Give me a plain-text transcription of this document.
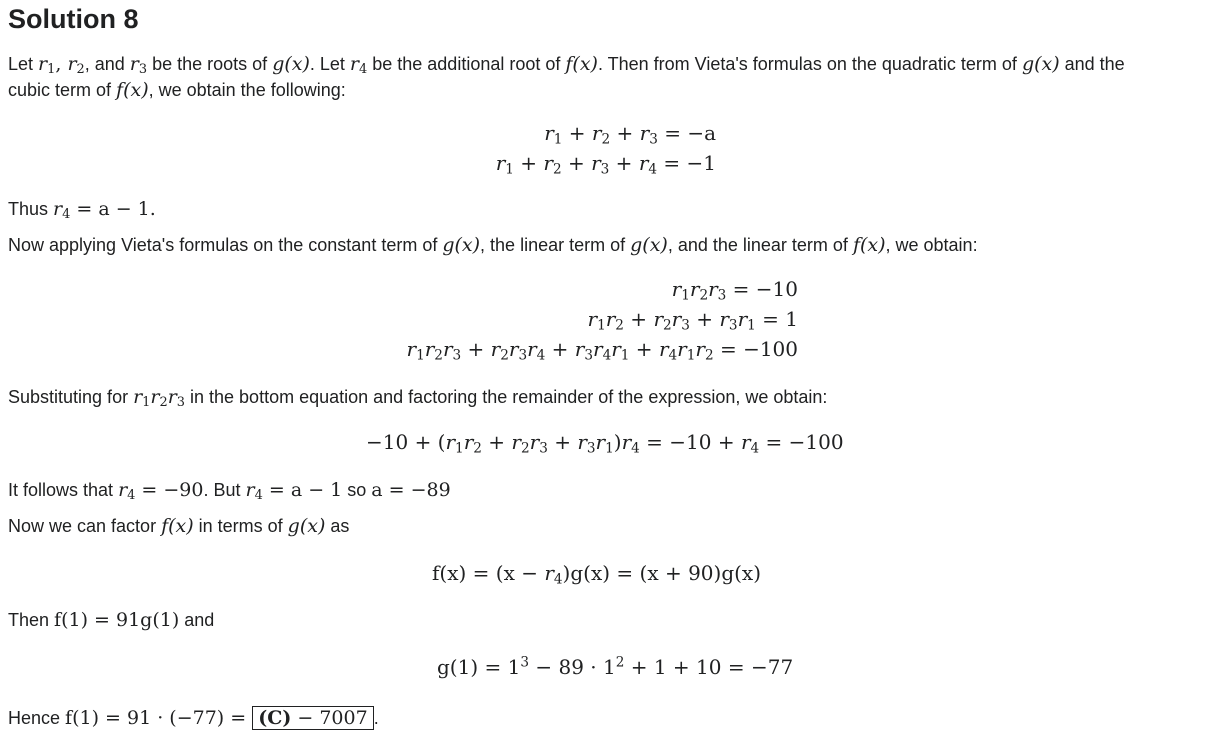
Solution 8
Let $r_1$, $r_2$, and $r_3$ be the roots of g(x). Let $r_4$ be the additional root of f(x). Then from Vieta's formulas on the quadratic term of g(x) and the
cubic term of f(x), we obtain the following:
$r_1 + r_2 + r_3 = -a$
$r_1 + r_2 + r_3 + r_4 = -1$
Thus $r_4 = a - 1$.
Now applying Vieta's formulas on the constant term of g(x), the linear term of g(x), and the linear term of f(x), we obtain:
$r_1r_2r_3 = -10$
$r_1r_2 + r_2r_3 + r_3r_1 = 1$
$r_1r_2r_3 + r_2r_3r_4 + r_3r_4r_1 + r_4r_1r_2 = -100$
Substituting for $r_1r_2r_3$ in the bottom equation and factoring the remainder of the expression, we obtain:
$-10 + (r_1r_2 + r_2r_3 + r_3r_1)r_4 = -10 + r_4 = -100$
It follows that $r_4 = -90$. But $r_4 = a - 1$ so a = −89
Now we can factor f(x) in terms of g(x) as
$f(x) = (x - r_4)g(x) = (x + 90)g(x)$
Then f(1) = 91g(1) and
$g(1) = 1^3 - 89 \cdot 1^2 + 1 + 10 = -77$
Hence f(1) = 91 · (−77) = (C) − 7007 .
